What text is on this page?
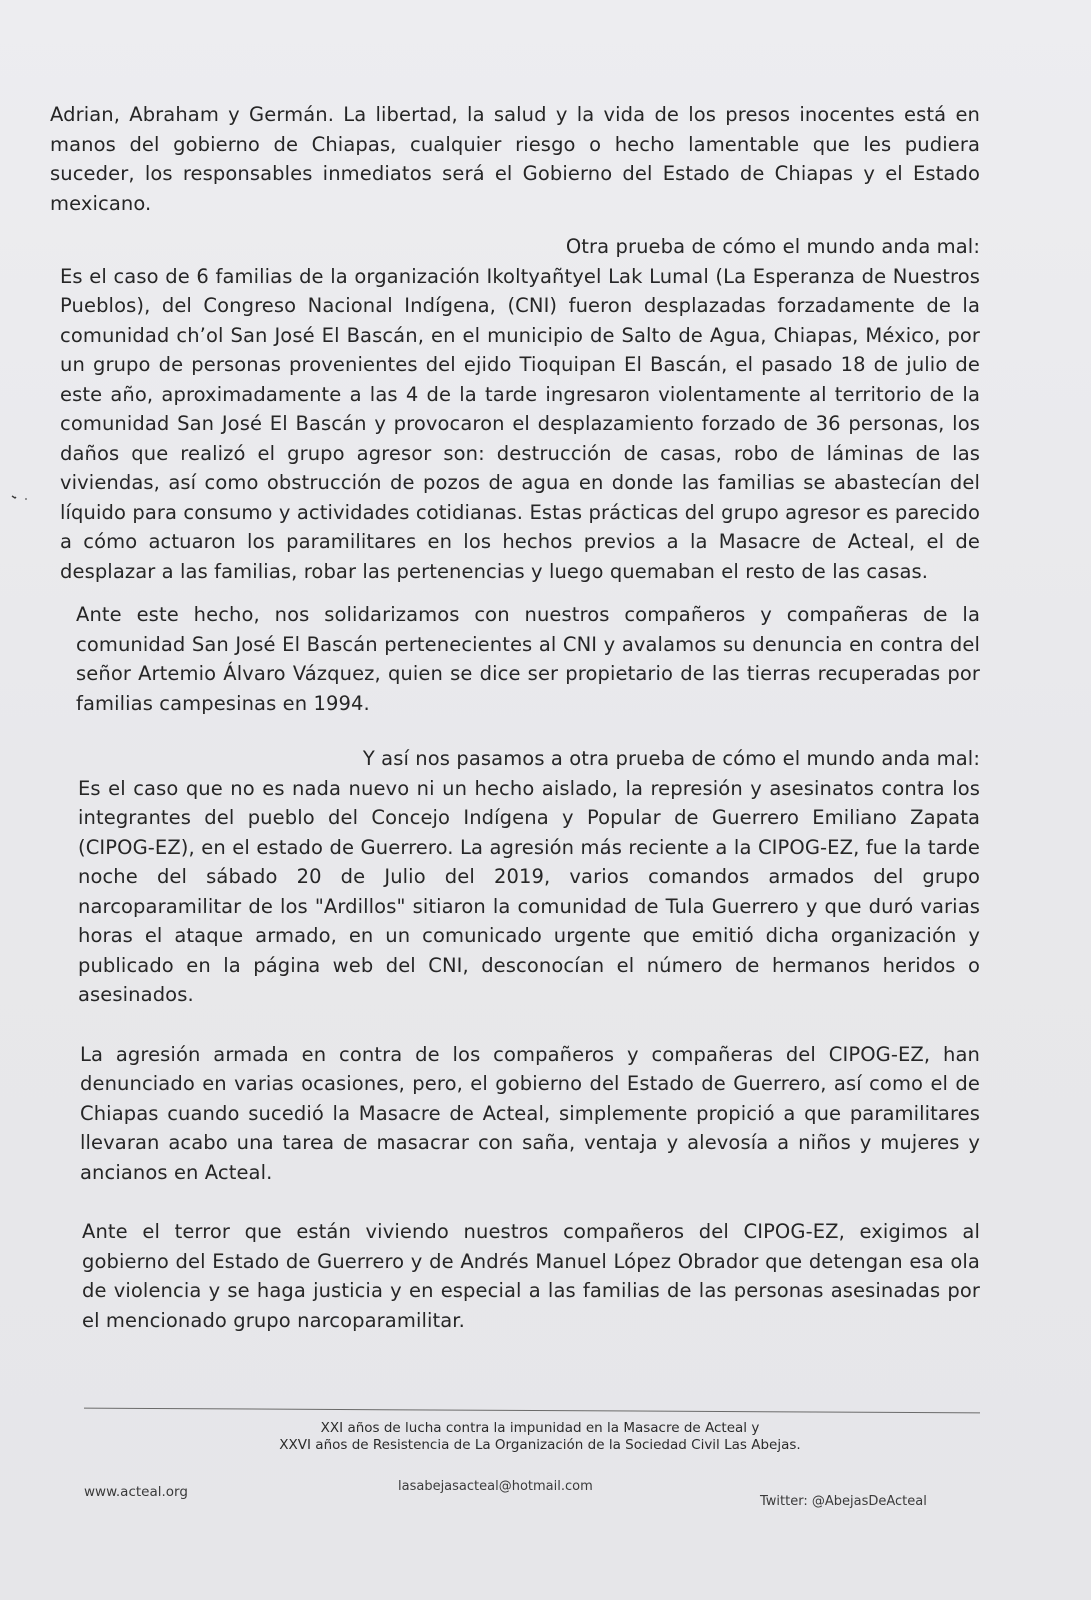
Adrian, Abraham y Germán. La libertad, la salud y la vida de los presos inocentes está en manos del gobierno de Chiapas, cualquier riesgo o hecho lamentable que les pudiera suceder, los responsables inmediatos será el Gobierno del Estado de Chiapas y el Estado mexicano.

Otra prueba de cómo el mundo anda mal:

Es el caso de 6 familias de la organización Ikoltyañtyel Lak Lumal (La Esperanza de Nuestros Pueblos), del Congreso Nacional Indígena, (CNI) fueron desplazadas forzadamente de la comunidad ch’ol San José El Bascán, en el municipio de Salto de Agua, Chiapas, México, por un grupo de personas provenientes del ejido Tioquipan El Bascán, el pasado 18 de julio de este año, aproximadamente a las 4 de la tarde ingresaron violentamente al territorio de la comunidad San José El Bascán y provocaron el desplazamiento forzado de 36 personas, los daños que realizó el grupo agresor son: destrucción de casas, robo de láminas de las viviendas, así como obstrucción de pozos de agua en donde las familias se abastecían del líquido para consumo y actividades cotidianas. Estas prácticas del grupo agresor es parecido a cómo actuaron los paramilitares en los hechos previos a la Masacre de Acteal, el de desplazar a las familias, robar las pertenencias y luego quemaban el resto de las casas.

Ante este hecho, nos solidarizamos con nuestros compañeros y compañeras de la comunidad San José El Bascán pertenecientes al CNI y avalamos su denuncia en contra del señor Artemio Álvaro Vázquez, quien se dice ser propietario de las tierras recuperadas por familias campesinas en 1994.

Y así nos pasamos a otra prueba de cómo el mundo anda mal:

Es el caso que no es nada nuevo ni un hecho aislado, la represión y asesinatos contra los integrantes del pueblo del Concejo Indígena y Popular de Guerrero Emiliano Zapata (CIPOG-EZ), en el estado de Guerrero. La agresión más reciente a la CIPOG-EZ, fue la tarde noche del sábado 20 de Julio del 2019, varios comandos armados del grupo narcoparamilitar de los "Ardillos" sitiaron la comunidad de Tula Guerrero y que duró varias horas el ataque armado, en un comunicado urgente que emitió dicha organización y publicado en la página web del CNI, desconocían el número de hermanos heridos o asesinados.

La agresión armada en contra de los compañeros y compañeras del CIPOG-EZ, han denunciado en varias ocasiones, pero, el gobierno del Estado de Guerrero, así como el de Chiapas cuando sucedió la Masacre de Acteal, simplemente propició a que paramilitares llevaran acabo una tarea de masacrar con saña, ventaja y alevosía a niños y mujeres y ancianos en Acteal.

Ante el terror que están viviendo nuestros compañeros del CIPOG-EZ, exigimos al gobierno del Estado de Guerrero y de Andrés Manuel López Obrador que detengan esa ola de violencia y se haga justicia y en especial a las familias de las personas asesinadas por el mencionado grupo narcoparamilitar.

XXI años de lucha contra la impunidad en la Masacre de Acteal y
XXVI años de Resistencia de La Organización de la Sociedad Civil Las Abejas.
www.acteal.org	lasabejasacteal@hotmail.com
Twitter: @AbejasDeActeal
